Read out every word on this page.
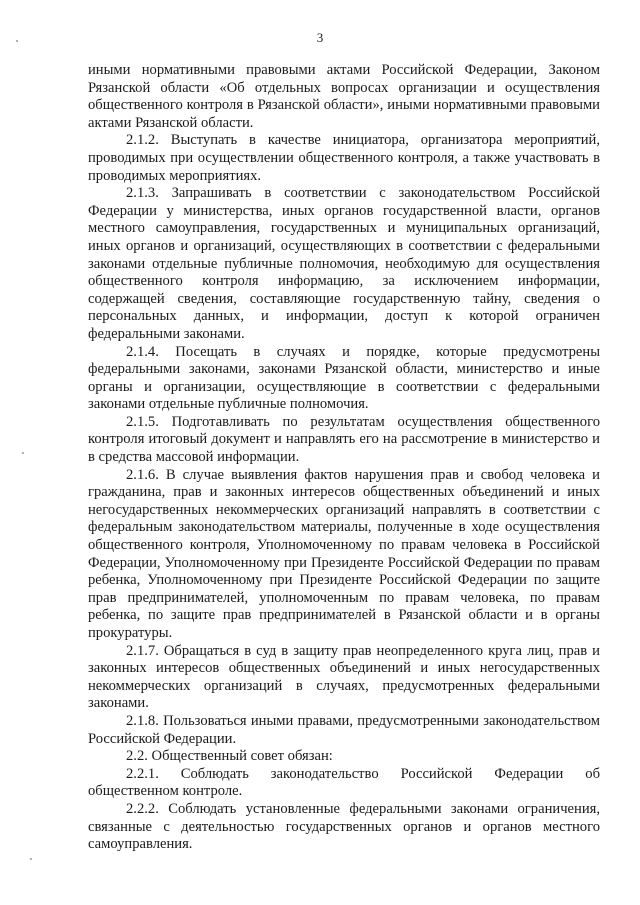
3

иными нормативными правовыми актами Российской Федерации, Законом Рязанской области «Об отдельных вопросах организации и осуществления общественного контроля в Рязанской области», иными нормативными правовыми актами Рязанской области.

2.1.2. Выступать в качестве инициатора, организатора мероприятий, проводимых при осуществлении общественного контроля, а также участвовать в проводимых мероприятиях.

2.1.3. Запрашивать в соответствии с законодательством Российской Федерации у министерства, иных органов государственной власти, органов местного самоуправления, государственных и муниципальных организаций, иных органов и организаций, осуществляющих в соответствии с федеральными законами отдельные публичные полномочия, необходимую для осуществления общественного контроля информацию, за исключением информации, содержащей сведения, составляющие государственную тайну, сведения о персональных данных, и информации, доступ к которой ограничен федеральными законами.

2.1.4. Посещать в случаях и порядке, которые предусмотрены федеральными законами, законами Рязанской области, министерство и иные органы и организации, осуществляющие в соответствии с федеральными законами отдельные публичные полномочия.

2.1.5. Подготавливать по результатам осуществления общественного контроля итоговый документ и направлять его на рассмотрение в министерство и в средства массовой информации.

2.1.6. В случае выявления фактов нарушения прав и свобод человека и гражданина, прав и законных интересов общественных объединений и иных негосударственных некоммерческих организаций направлять в соответствии с федеральным законодательством материалы, полученные в ходе осуществления общественного контроля, Уполномоченному по правам человека в Российской Федерации, Уполномоченному при Президенте Российской Федерации по правам ребенка, Уполномоченному при Президенте Российской Федерации по защите прав предпринимателей, уполномоченным по правам человека, по правам ребенка, по защите прав предпринимателей в Рязанской области и в органы прокуратуры.

2.1.7. Обращаться в суд в защиту прав неопределенного круга лиц, прав и законных интересов общественных объединений и иных негосударственных некоммерческих организаций в случаях, предусмотренных федеральными законами.

2.1.8. Пользоваться иными правами, предусмотренными законодательством Российской Федерации.

2.2. Общественный совет обязан:

2.2.1. Соблюдать законодательство Российской Федерации об общественном контроле.

2.2.2. Соблюдать установленные федеральными законами ограничения, связанные с деятельностью государственных органов и органов местного самоуправления.
